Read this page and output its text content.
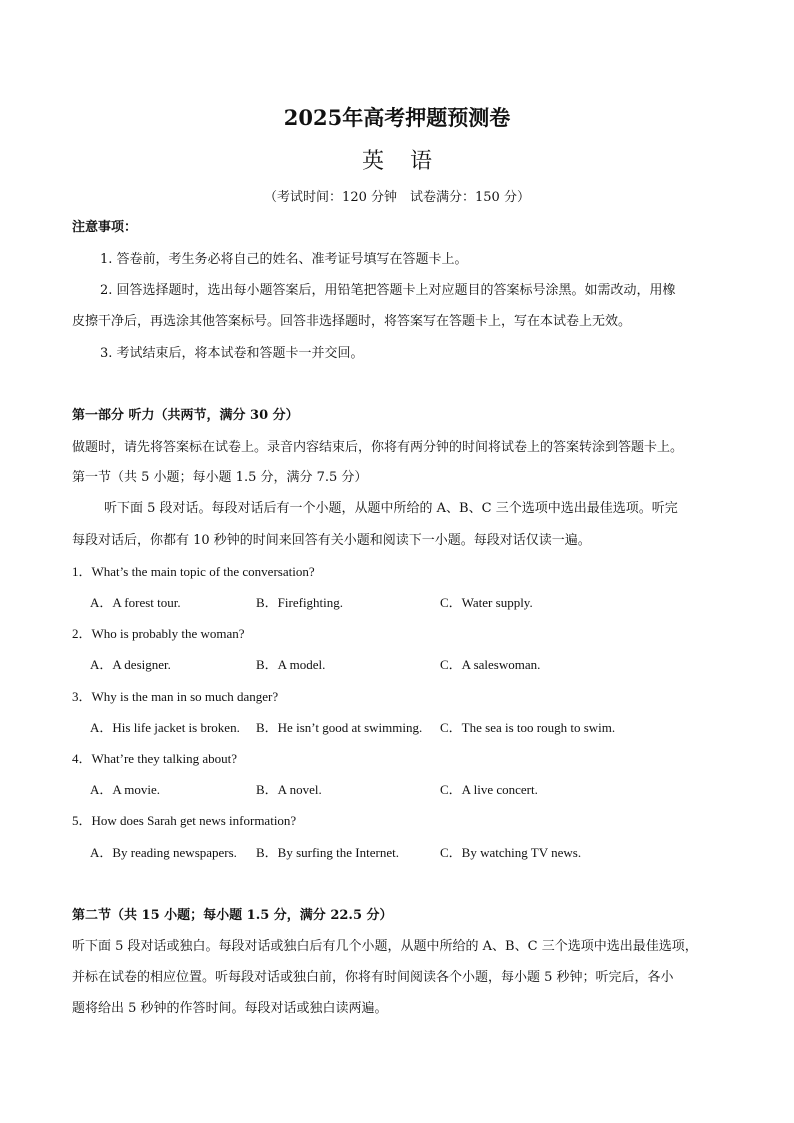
2025年高考押题预测卷
英语
（考试时间：120 分钟　试卷满分：150 分）
注意事项：
1. 答卷前，考生务必将自己的姓名、准考证号填写在答题卡上。
2. 回答选择题时，选出每小题答案后，用铅笔把答题卡上对应题目的答案标号涂黑。如需改动，用橡
皮擦干净后，再选涂其他答案标号。回答非选择题时，将答案写在答题卡上，写在本试卷上无效。
3. 考试结束后，将本试卷和答题卡一并交回。
第一部分 听力（共两节，满分 30 分）
做题时，请先将答案标在试卷上。录音内容结束后，你将有两分钟的时间将试卷上的答案转涂到答题卡上。
第一节（共 5 小题；每小题 1.5 分，满分 7.5 分）
听下面 5 段对话。每段对话后有一个小题，从题中所给的 A、B、C 三个选项中选出最佳选项。听完
每段对话后，你都有 10 秒钟的时间来回答有关小题和阅读下一小题。每段对话仅读一遍。
1．What’s the main topic of the conversation?
A．A forest tour.	B．Firefighting.	C．Water supply.
2．Who is probably the woman?
A．A designer.	B．A model.	C．A saleswoman.
3．Why is the man in so much danger?
A．His life jacket is broken. B．He isn’t good at swimming. C．The sea is too rough to swim.
4．What’re they talking about?
A．A movie.	B．A novel.	C．A live concert.
5．How does Sarah get news information?
A．By reading newspapers. B．By surfing the Internet.	C．By watching TV news.
第二节（共 15 小题；每小题 1.5 分，满分 22.5 分）
听下面 5 段对话或独白。每段对话或独白后有几个小题，从题中所给的 A、B、C 三个选项中选出最佳选项，
并标在试卷的相应位置。听每段对话或独白前，你将有时间阅读各个小题，每小题 5 秒钟；听完后，各小
题将给出 5 秒钟的作答时间。每段对话或独白读两遍。
